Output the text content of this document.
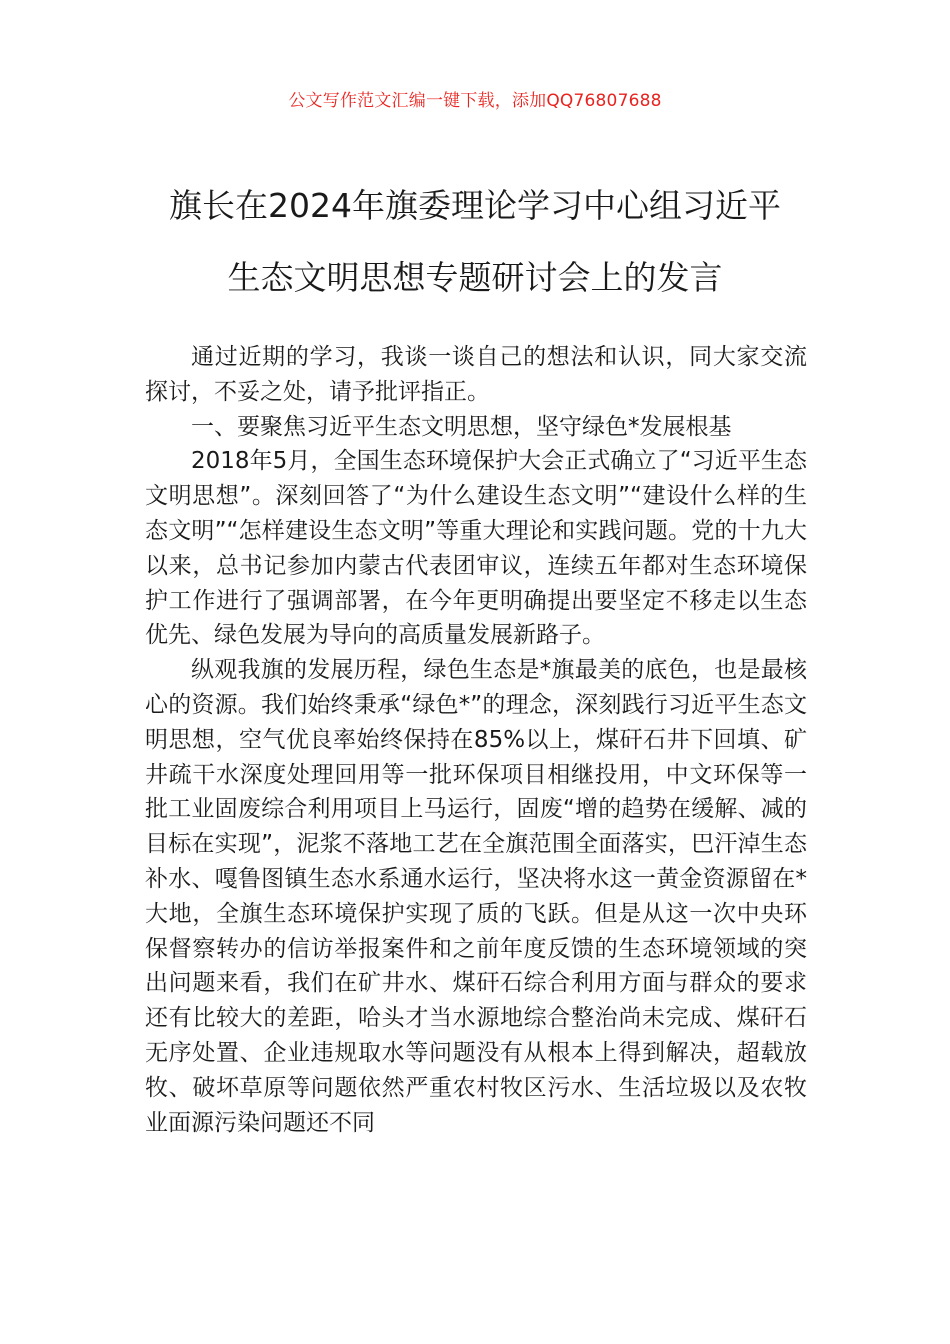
公文写作范文汇编一键下载，添加QQ76807688
旗长在2024年旗委理论学习中心组习近平
生态文明思想专题研讨会上的发言

通过近期的学习，我谈一谈自己的想法和认识，同大家交流探讨，不妥之处，请予批评指正。

一、要聚焦习近平生态文明思想，坚守绿色*发展根基

2018年5月，全国生态环境保护大会正式确立了“习近平生态文明思想”。深刻回答了“为什么建设生态文明”“建设什么样的生态文明”“怎样建设生态文明”等重大理论和实践问题。党的十九大以来，总书记参加内蒙古代表团审议，连续五年都对生态环境保护工作进行了强调部署，在今年更明确提出要坚定不移走以生态优先、绿色发展为导向的高质量发展新路子。

纵观我旗的发展历程，绿色生态是*旗最美的底色，也是最核心的资源。我们始终秉承“绿色*”的理念，深刻践行习近平生态文明思想，空气优良率始终保持在85%以上，煤矸石井下回填、矿井疏干水深度处理回用等一批环保项目相继投用，中文环保等一批工业固废综合利用项目上马运行，固废“增的趋势在缓解、减的目标在实现”，泥浆不落地工艺在全旗范围全面落实，巴汗淖生态补水、嘎鲁图镇生态水系通水运行，坚决将水这一黄金资源留在*大地，全旗生态环境保护实现了质的飞跃。但是从这一次中央环保督察转办的信访举报案件和之前年度反馈的生态环境领域的突出问题来看，我们在矿井水、煤矸石综合利用方面与群众的要求还有比较大的差距，哈头才当水源地综合整治尚未完成、煤矸石无序处置、企业违规取水等问题没有从根本上得到解决，超载放牧、破坏草原等问题依然严重农村牧区污水、生活垃圾以及农牧业面源污染问题还不同
